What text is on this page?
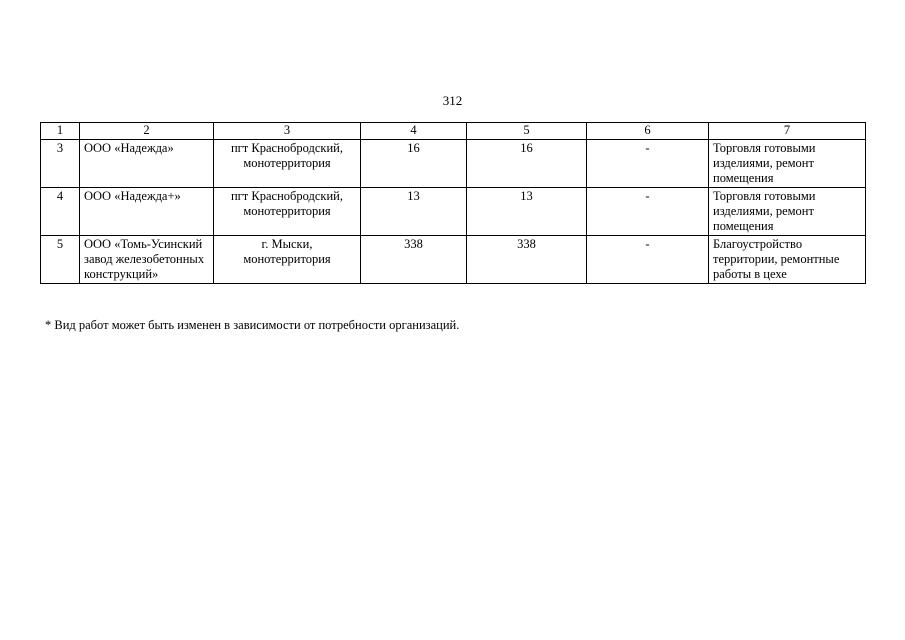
312
1	2	3	4	5	6	7
3	ООО «Надежда»	пгт Краснобродский, монотерритория	16	16	-	Торговля готовыми изделиями, ремонт помещения
4	ООО «Надежда+»	пгт Краснобродский, монотерритория	13	13	-	Торговля готовыми изделиями, ремонт помещения
5	ООО «Томь-Усинский завод железобетонных конструкций»	г. Мыски, монотерритория	338	338	-	Благоустройство территории, ремонтные работы в цехе
* Вид работ может быть изменен в зависимости от потребности организаций.
